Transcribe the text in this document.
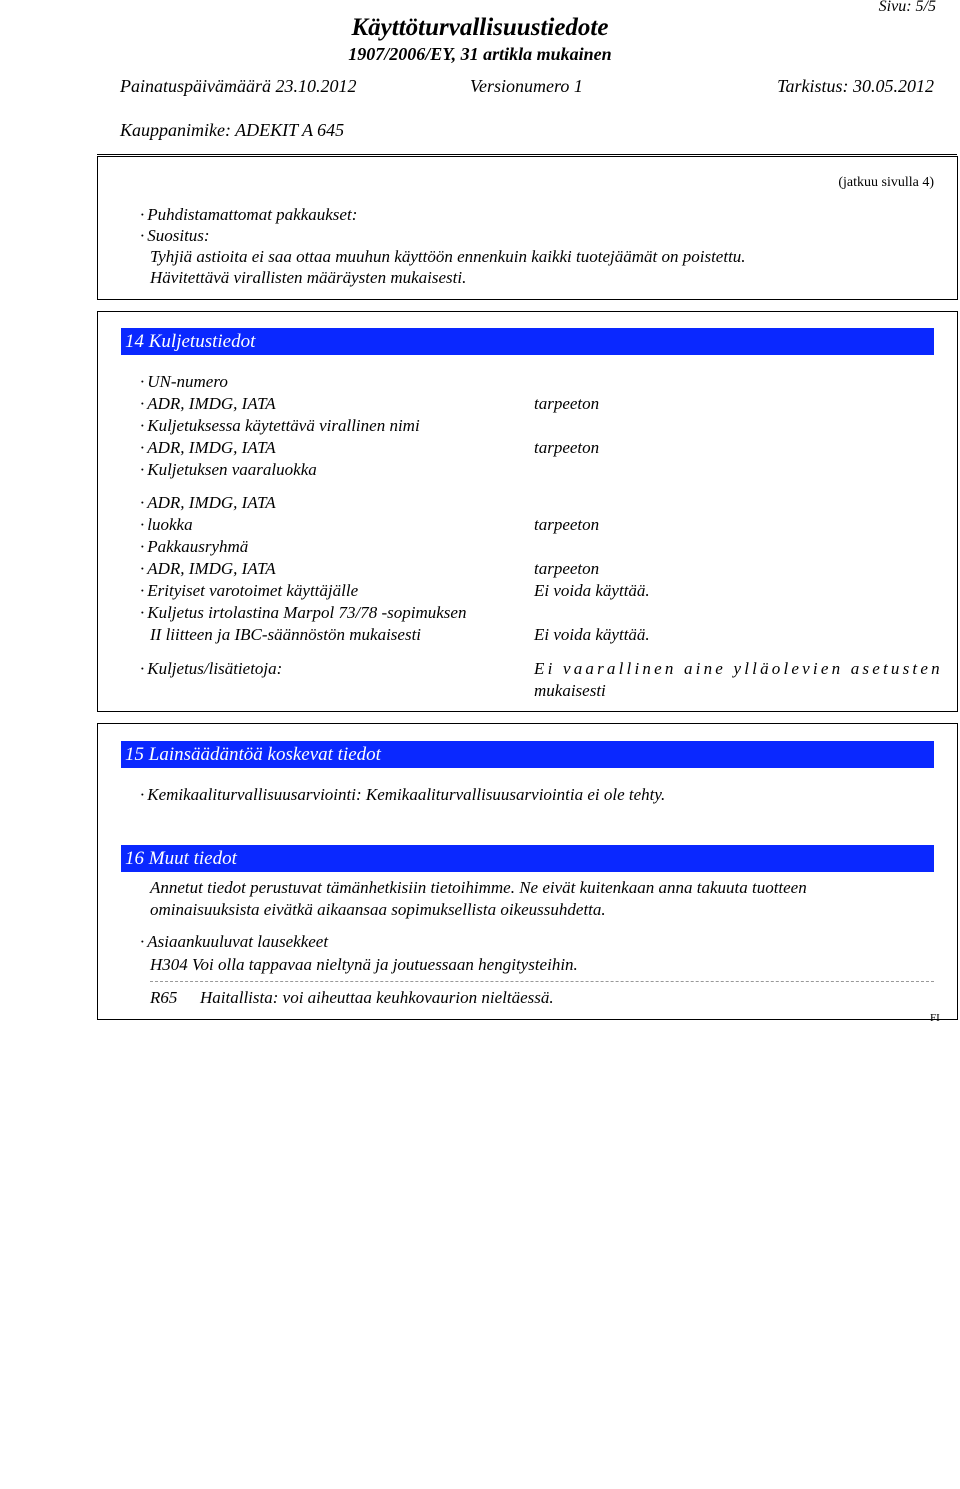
Sivu: 5/5
Käyttöturvallisuustiedote
1907/2006/EY, 31 artikla mukainen
Painatuspäivämäärä 23.10.2012	Versionumero 1	Tarkistus: 30.05.2012
Kauppanimike: ADEKIT A 645
(jatkuu sivulla 4)
· Puhdistamattomat pakkaukset:
· Suositus:
Tyhjiä astioita ei saa ottaa muuhun käyttöön ennenkuin kaikki tuotejäämät on poistettu.
Hävitettävä virallisten määräysten mukaisesti.
14 Kuljetustiedot
· UN-numero
· ADR, IMDG, IATA	tarpeeton
· Kuljetuksessa käytettävä virallinen nimi
· ADR, IMDG, IATA	tarpeeton
· Kuljetuksen vaaraluokka
· ADR, IMDG, IATA
· luokka	tarpeeton
· Pakkausryhmä
· ADR, IMDG, IATA	tarpeeton
· Erityiset varotoimet käyttäjälle	Ei voida käyttää.
· Kuljetus irtolastina Marpol 73/78 -sopimuksen
II liitteen ja IBC-säännöstön mukaisesti	Ei voida käyttää.
· Kuljetus/lisätietoja:	Ei vaarallinen aine ylläolevien asetusten
mukaisesti
15 Lainsäädäntöä koskevat tiedot
· Kemikaaliturvallisuusarviointi: Kemikaaliturvallisuusarviointia ei ole tehty.
16 Muut tiedot
Annetut tiedot perustuvat tämänhetkisiin tietoihimme. Ne eivät kuitenkaan anna takuuta tuotteen
ominaisuuksista eivätkä aikaansaa sopimuksellista oikeussuhdetta.
· Asiaankuuluvat lausekkeet
H304 Voi olla tappavaa nieltynä ja joutuessaan hengitysteihin.
R65 Haitallista: voi aiheuttaa keuhkovaurion nieltäessä.
FI
